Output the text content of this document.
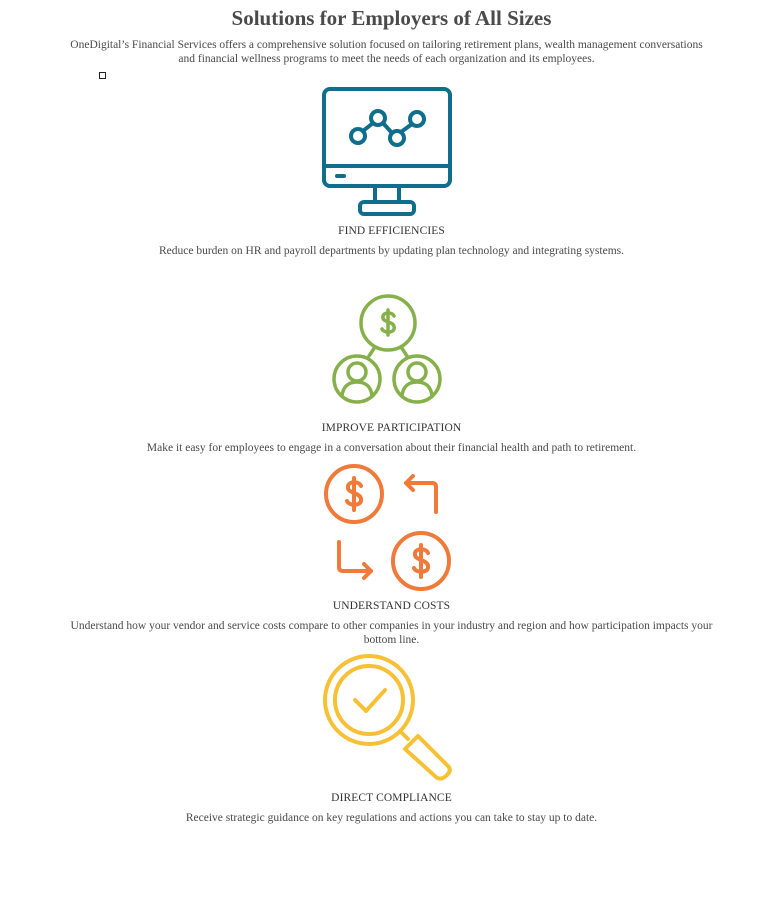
Solutions for Employers of All Sizes

OneDigital’s Financial Services offers a comprehensive solution focused on tailoring retirement plans, wealth management conversations and financial wellness programs to meet the needs of each organization and its employees.

FIND EFFICIENCIES

Reduce burden on HR and payroll departments by updating plan technology and integrating systems.

IMPROVE PARTICIPATION

Make it easy for employees to engage in a conversation about their financial health and path to retirement.

UNDERSTAND COSTS

Understand how your vendor and service costs compare to other companies in your industry and region and how participation impacts your bottom line.

DIRECT COMPLIANCE

Receive strategic guidance on key regulations and actions you can take to stay up to date.
